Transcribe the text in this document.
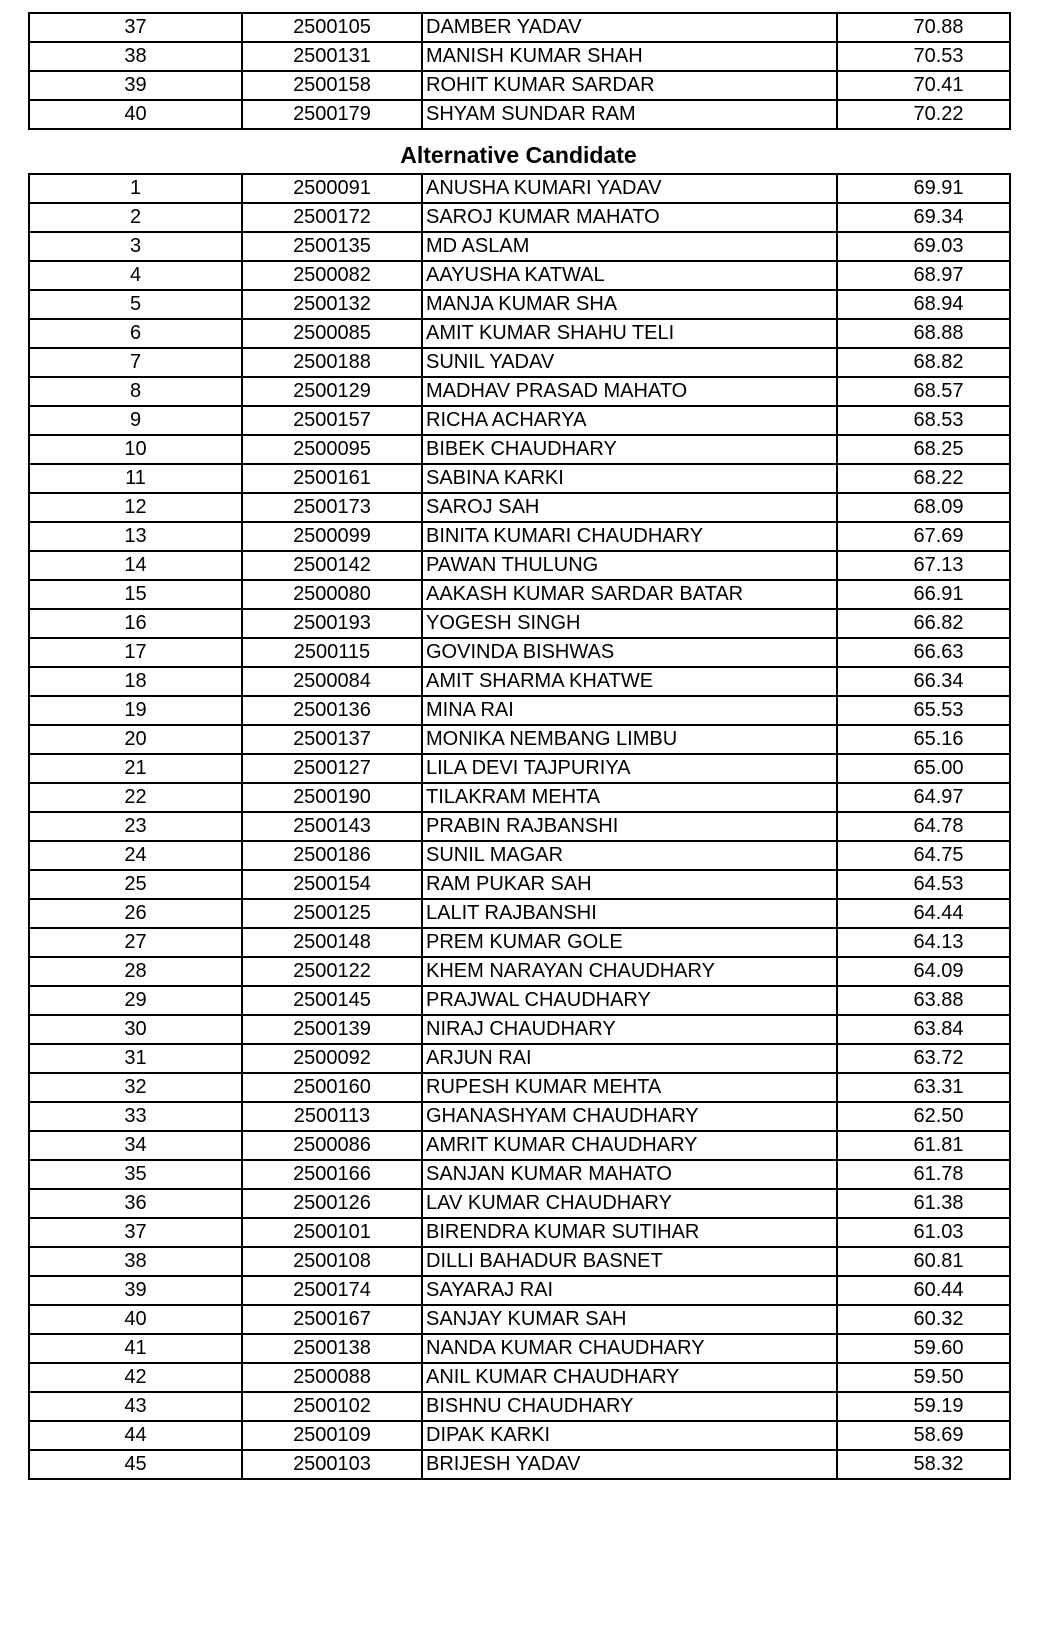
37	2500105	DAMBER YADAV	70.88
38	2500131	MANISH KUMAR SHAH	70.53
39	2500158	ROHIT KUMAR SARDAR	70.41
40	2500179	SHYAM SUNDAR RAM	70.22
Alternative Candidate
1	2500091	ANUSHA KUMARI YADAV	69.91
2	2500172	SAROJ KUMAR MAHATO	69.34
3	2500135	MD ASLAM	69.03
4	2500082	AAYUSHA KATWAL	68.97
5	2500132	MANJA KUMAR SHA	68.94
6	2500085	AMIT KUMAR SHAHU TELI	68.88
7	2500188	SUNIL YADAV	68.82
8	2500129	MADHAV PRASAD MAHATO	68.57
9	2500157	RICHA ACHARYA	68.53
10	2500095	BIBEK CHAUDHARY	68.25
11	2500161	SABINA KARKI	68.22
12	2500173	SAROJ SAH	68.09
13	2500099	BINITA KUMARI CHAUDHARY	67.69
14	2500142	PAWAN THULUNG	67.13
15	2500080	AAKASH KUMAR SARDAR BATAR	66.91
16	2500193	YOGESH SINGH	66.82
17	2500115	GOVINDA BISHWAS	66.63
18	2500084	AMIT SHARMA KHATWE	66.34
19	2500136	MINA RAI	65.53
20	2500137	MONIKA NEMBANG LIMBU	65.16
21	2500127	LILA DEVI TAJPURIYA	65.00
22	2500190	TILAKRAM MEHTA	64.97
23	2500143	PRABIN RAJBANSHI	64.78
24	2500186	SUNIL MAGAR	64.75
25	2500154	RAM PUKAR SAH	64.53
26	2500125	LALIT RAJBANSHI	64.44
27	2500148	PREM KUMAR GOLE	64.13
28	2500122	KHEM NARAYAN CHAUDHARY	64.09
29	2500145	PRAJWAL CHAUDHARY	63.88
30	2500139	NIRAJ CHAUDHARY	63.84
31	2500092	ARJUN RAI	63.72
32	2500160	RUPESH KUMAR MEHTA	63.31
33	2500113	GHANASHYAM CHAUDHARY	62.50
34	2500086	AMRIT KUMAR CHAUDHARY	61.81
35	2500166	SANJAN KUMAR MAHATO	61.78
36	2500126	LAV KUMAR CHAUDHARY	61.38
37	2500101	BIRENDRA KUMAR SUTIHAR	61.03
38	2500108	DILLI BAHADUR BASNET	60.81
39	2500174	SAYARAJ RAI	60.44
40	2500167	SANJAY KUMAR SAH	60.32
41	2500138	NANDA KUMAR CHAUDHARY	59.60
42	2500088	ANIL KUMAR CHAUDHARY	59.50
43	2500102	BISHNU CHAUDHARY	59.19
44	2500109	DIPAK KARKI	58.69
45	2500103	BRIJESH YADAV	58.32
